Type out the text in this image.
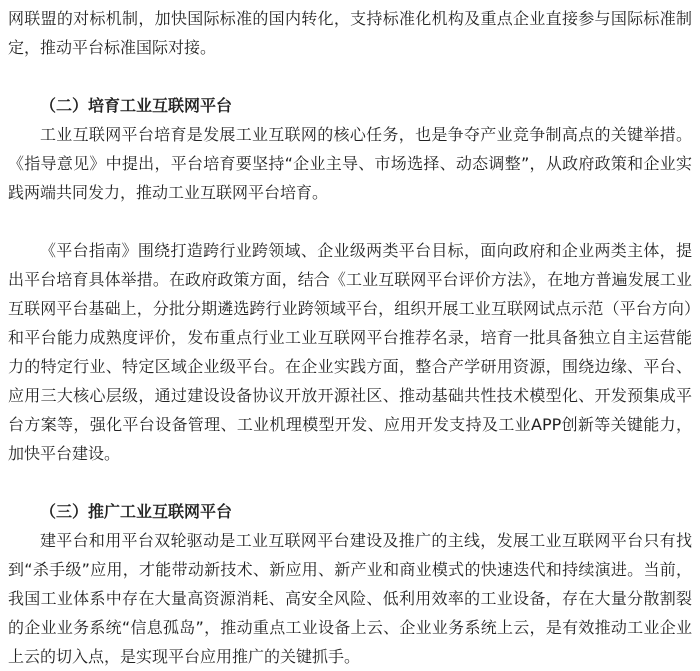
网联盟的对标机制，加快国际标准的国内转化，支持标准化机构及重点企业直接参与国际标准制定，推动平台标准国际对接。

（二）培育工业互联网平台

工业互联网平台培育是发展工业互联网的核心任务，也是争夺产业竞争制高点的关键举措。《指导意见》中提出，平台培育要坚持“企业主导、市场选择、动态调整”，从政府政策和企业实践两端共同发力，推动工业互联网平台培育。

《平台指南》围绕打造跨行业跨领域、企业级两类平台目标，面向政府和企业两类主体，提出平台培育具体举措。在政府政策方面，结合《工业互联网平台评价方法》，在地方普遍发展工业互联网平台基础上，分批分期遴选跨行业跨领域平台，组织开展工业互联网试点示范（平台方向）和平台能力成熟度评价，发布重点行业工业互联网平台推荐名录，培育一批具备独立自主运营能力的特定行业、特定区域企业级平台。在企业实践方面，整合产学研用资源，围绕边缘、平台、应用三大核心层级，通过建设设备协议开放开源社区、推动基础共性技术模型化、开发预集成平台方案等，强化平台设备管理、工业机理模型开发、应用开发支持及工业APP创新等关键能力，加快平台建设。

（三）推广工业互联网平台

建平台和用平台双轮驱动是工业互联网平台建设及推广的主线，发展工业互联网平台只有找到“杀手级”应用，才能带动新技术、新应用、新产业和商业模式的快速迭代和持续演进。当前，我国工业体系中存在大量高资源消耗、高安全风险、低利用效率的工业设备，存在大量分散割裂的企业业务系统“信息孤岛”，推动重点工业设备上云、企业业务系统上云，是有效推动工业企业上云的切入点，是实现平台应用推广的关键抓手。
